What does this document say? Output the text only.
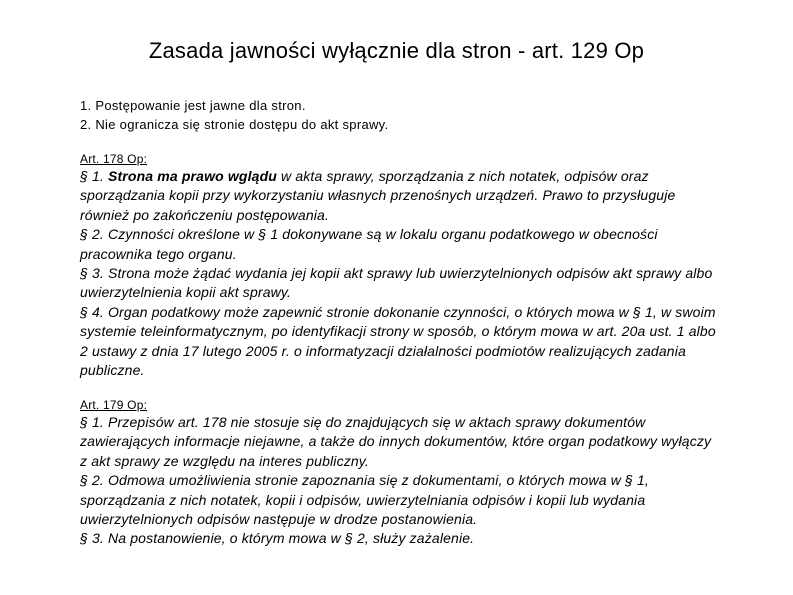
Zasada jawności wyłącznie dla stron - art. 129 Op
1. Postępowanie jest jawne dla stron.
2. Nie ogranicza się stronie dostępu do akt sprawy.
Art. 178 Op:
§ 1. Strona ma prawo wglądu w akta sprawy, sporządzania z nich notatek, odpisów oraz sporządzania kopii przy wykorzystaniu własnych przenośnych urządzeń. Prawo to przysługuje również po zakończeniu postępowania.
§ 2. Czynności określone w § 1 dokonywane są w lokalu organu podatkowego w obecności pracownika tego organu.
§ 3. Strona może żądać wydania jej kopii akt sprawy lub uwierzytelnionych odpisów akt sprawy albo uwierzytelnienia kopii akt sprawy.
§ 4. Organ podatkowy może zapewnić stronie dokonanie czynności, o których mowa w § 1, w swoim systemie teleinformatycznym, po identyfikacji strony w sposób, o którym mowa w art. 20a ust. 1 albo 2 ustawy z dnia 17 lutego 2005 r. o informatyzacji działalności podmiotów realizujących zadania publiczne.
Art. 179 Op:
§ 1. Przepisów art. 178 nie stosuje się do znajdujących się w aktach sprawy dokumentów zawierających informacje niejawne, a także do innych dokumentów, które organ podatkowy wyłączy z akt sprawy ze względu na interes publiczny.
§ 2. Odmowa umożliwienia stronie zapoznania się z dokumentami, o których mowa w § 1, sporządzania z nich notatek, kopii i odpisów, uwierzytelniania odpisów i kopii lub wydania uwierzytelnionych odpisów następuje w drodze postanowienia.
§ 3. Na postanowienie, o którym mowa w § 2, służy zażalenie.
